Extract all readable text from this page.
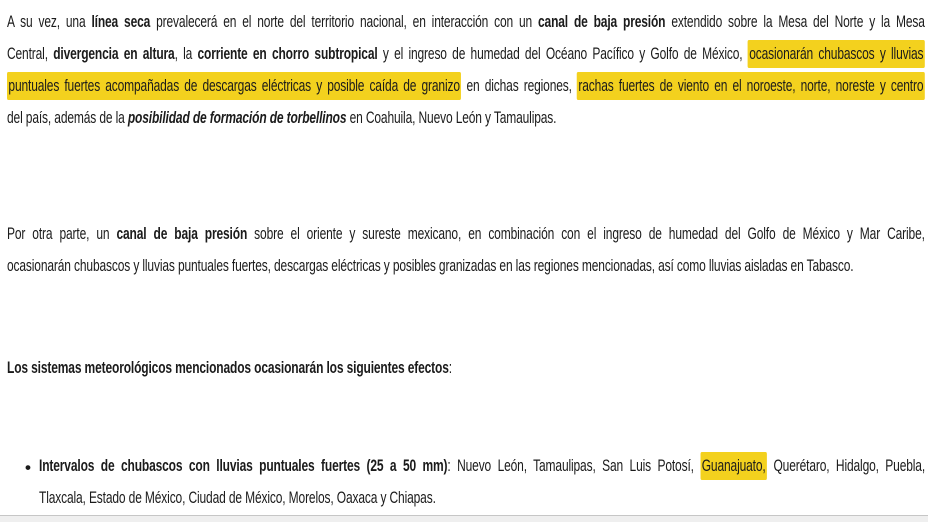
A su vez, una línea seca prevalecerá en el norte del territorio nacional, en interacción con un canal de baja presión extendido sobre la Mesa del Norte y la Mesa
Central, divergencia en altura, la corriente en chorro subtropical y el ingreso de humedad del Océano Pacífico y Golfo de México, ocasionarán chubascos y lluvias
puntuales fuertes acompañadas de descargas eléctricas y posible caída de granizo en dichas regiones, rachas fuertes de viento en el noroeste, norte, noreste y centro
del país, además de la posibilidad de formación de torbellinos en Coahuila, Nuevo León y Tamaulipas.
Por otra parte, un canal de baja presión sobre el oriente y sureste mexicano, en combinación con el ingreso de humedad del Golfo de México y Mar Caribe,
ocasionarán chubascos y lluvias puntuales fuertes, descargas eléctricas y posibles granizadas en las regiones mencionadas, así como lluvias aisladas en Tabasco.
Los sistemas meteorológicos mencionados ocasionarán los siguientes efectos:
• Intervalos de chubascos con lluvias puntuales fuertes (25 a 50 mm): Nuevo León, Tamaulipas, San Luis Potosí, Guanajuato, Querétaro, Hidalgo, Puebla,
Tlaxcala, Estado de México, Ciudad de México, Morelos, Oaxaca y Chiapas.
